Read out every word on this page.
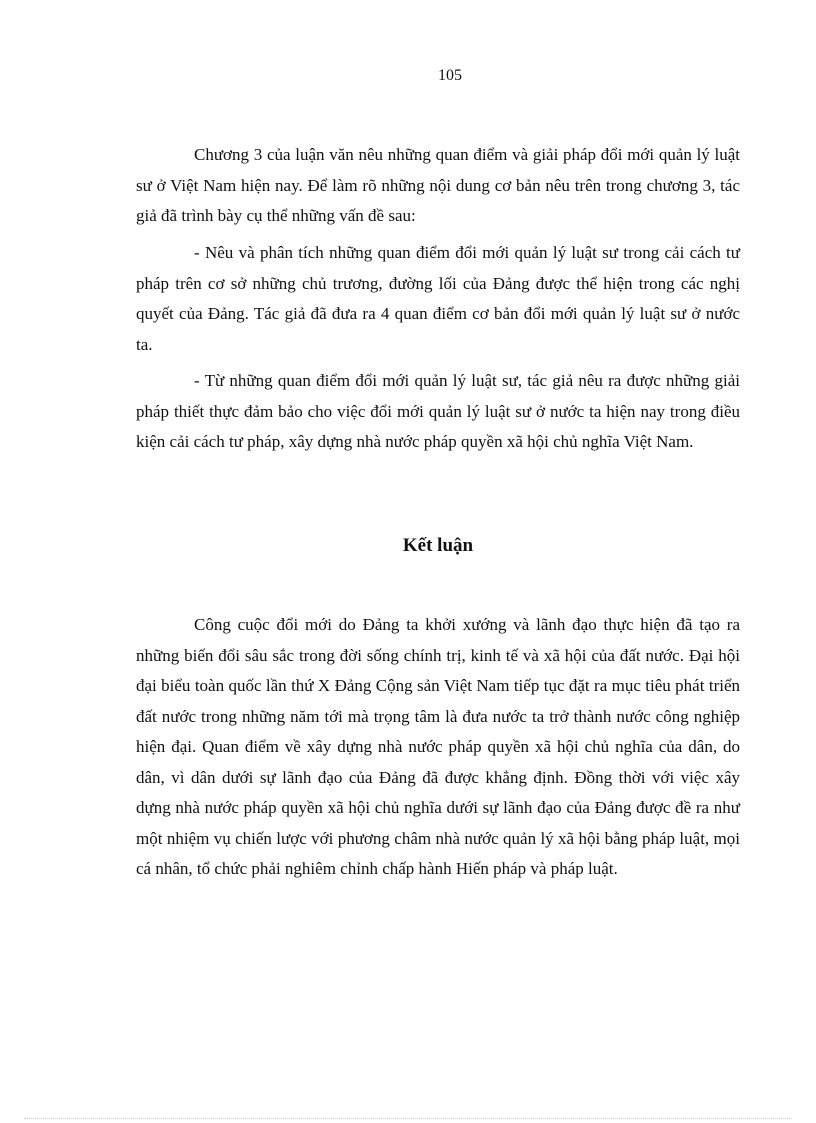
105

Chương 3 của luận văn nêu những quan điểm và giải pháp đổi mới quản lý luật sư ở Việt Nam hiện nay. Để làm rõ những nội dung cơ bản nêu trên trong chương 3, tác giả đã trình bày cụ thể những vấn đề sau:

- Nêu và phân tích những quan điểm đổi mới quản lý luật sư trong cải cách tư pháp trên cơ sở những chủ trương, đường lối của Đảng được thể hiện trong các nghị quyết của Đảng. Tác giả đã đưa ra 4 quan điểm cơ bản đổi mới quản lý luật sư ở nước ta.

- Từ những quan điểm đổi mới quản lý luật sư, tác giả nêu ra được những giải pháp thiết thực đảm bảo cho việc đổi mới quản lý luật sư ở nước ta hiện nay trong điều kiện cải cách tư pháp, xây dựng nhà nước pháp quyền xã hội chủ nghĩa Việt Nam.

Kết luận

Công cuộc đổi mới do Đảng ta khởi xướng và lãnh đạo thực hiện đã tạo ra những biến đổi sâu sắc trong đời sống chính trị, kinh tế và xã hội của đất nước. Đại hội đại biểu toàn quốc lần thứ X Đảng Cộng sản Việt Nam tiếp tục đặt ra mục tiêu phát triển đất nước trong những năm tới mà trọng tâm là đưa nước ta trở thành nước công nghiệp hiện đại. Quan điểm về xây dựng nhà nước pháp quyền xã hội chủ nghĩa của dân, do dân, vì dân dưới sự lãnh đạo của Đảng đã được khẳng định. Đồng thời với việc xây dựng nhà nước pháp quyền xã hội chủ nghĩa dưới sự lãnh đạo của Đảng được đề ra như một nhiệm vụ chiến lược với phương châm nhà nước quản lý xã hội bằng pháp luật, mọi cá nhân, tổ chức phải nghiêm chỉnh chấp hành Hiến pháp và pháp luật.
